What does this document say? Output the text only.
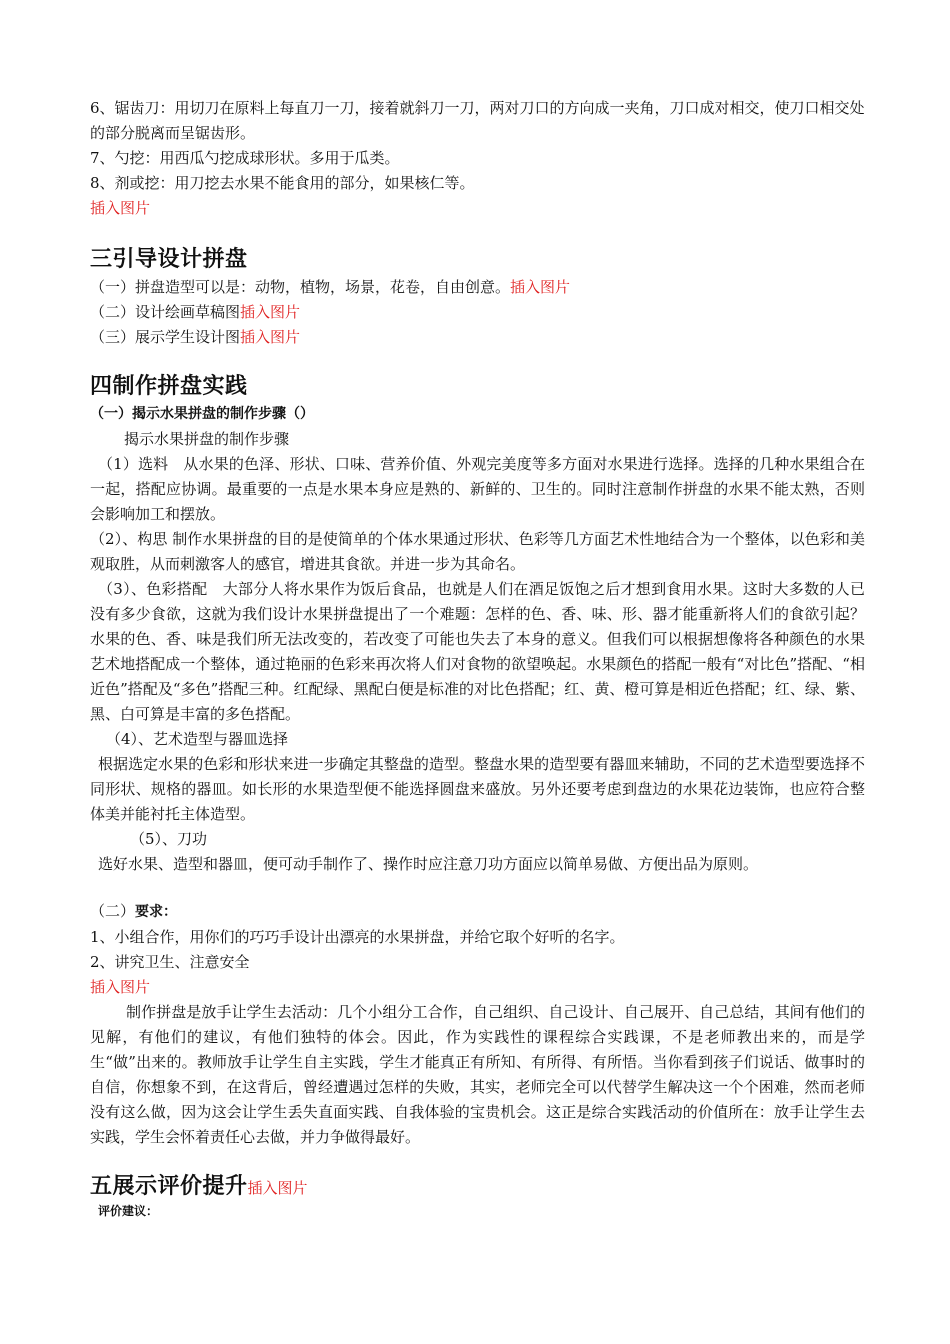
6、锯齿刀：用切刀在原料上每直刀一刀，接着就斜刀一刀，两对刀口的方向成一夹角，刀口成对相交，使刀口相交处的部分脱离而呈锯齿形。

7、勺挖：用西瓜勺挖成球形状。多用于瓜类。

8、剂或挖：用刀挖去水果不能食用的部分，如果核仁等。

插入图片

三引导设计拼盘

（一）拼盘造型可以是：动物，植物，场景，花卷，自由创意。插入图片

（二）设计绘画草稿图插入图片

（三）展示学生设计图插入图片

四制作拼盘实践

（一）揭示水果拼盘的制作步骤（）

揭示水果拼盘的制作步骤

（1）选料　从水果的色泽、形状、口味、营养价值、外观完美度等多方面对水果进行选择。选择的几种水果组合在一起，搭配应协调。最重要的一点是水果本身应是熟的、新鲜的、卫生的。同时注意制作拼盘的水果不能太熟，否则会影响加工和摆放。

（2）、构思 制作水果拼盘的目的是使简单的个体水果通过形状、色彩等几方面艺术性地结合为一个整体，以色彩和美观取胜，从而刺激客人的感官，增进其食欲。并进一步为其命名。

（3）、色彩搭配　大部分人将水果作为饭后食品，也就是人们在酒足饭饱之后才想到食用水果。这时大多数的人已没有多少食欲，这就为我们设计水果拼盘提出了一个难题：怎样的色、香、味、形、器才能重新将人们的食欲引起？水果的色、香、味是我们所无法改变的，若改变了可能也失去了本身的意义。但我们可以根据想像将各种颜色的水果艺术地搭配成一个整体，通过艳丽的色彩来再次将人们对食物的欲望唤起。水果颜色的搭配一般有“对比色”搭配、“相近色”搭配及“多色”搭配三种。红配绿、黑配白便是标准的对比色搭配；红、黄、橙可算是相近色搭配；红、绿、紫、黑、白可算是丰富的多色搭配。

（4）、艺术造型与器皿选择

根据选定水果的色彩和形状来进一步确定其整盘的造型。整盘水果的造型要有器皿来辅助，不同的艺术造型要选择不同形状、规格的器皿。如长形的水果造型便不能选择圆盘来盛放。另外还要考虑到盘边的水果花边装饰，也应符合整体美并能衬托主体造型。

（5）、刀功

选好水果、造型和器皿，便可动手制作了、操作时应注意刀功方面应以简单易做、方便出品为原则。

（二）要求：

1、小组合作，用你们的巧巧手设计出漂亮的水果拼盘，并给它取个好听的名字。

2、讲究卫生、注意安全

插入图片

制作拼盘是放手让学生去活动：几个小组分工合作，自己组织、自己设计、自己展开、自己总结，其间有他们的见解，有他们的建议，有他们独特的体会。因此，作为实践性的课程综合实践课，不是老师教出来的，而是学生“做”出来的。教师放手让学生自主实践，学生才能真正有所知、有所得、有所悟。当你看到孩子们说话、做事时的自信，你想象不到，在这背后，曾经遭遇过怎样的失败，其实，老师完全可以代替学生解决这一个个困难，然而老师没有这么做，因为这会让学生丢失直面实践、自我体验的宝贵机会。这正是综合实践活动的价值所在：放手让学生去实践，学生会怀着责任心去做，并力争做得最好。

五展示评价提升插入图片

评价建议：
